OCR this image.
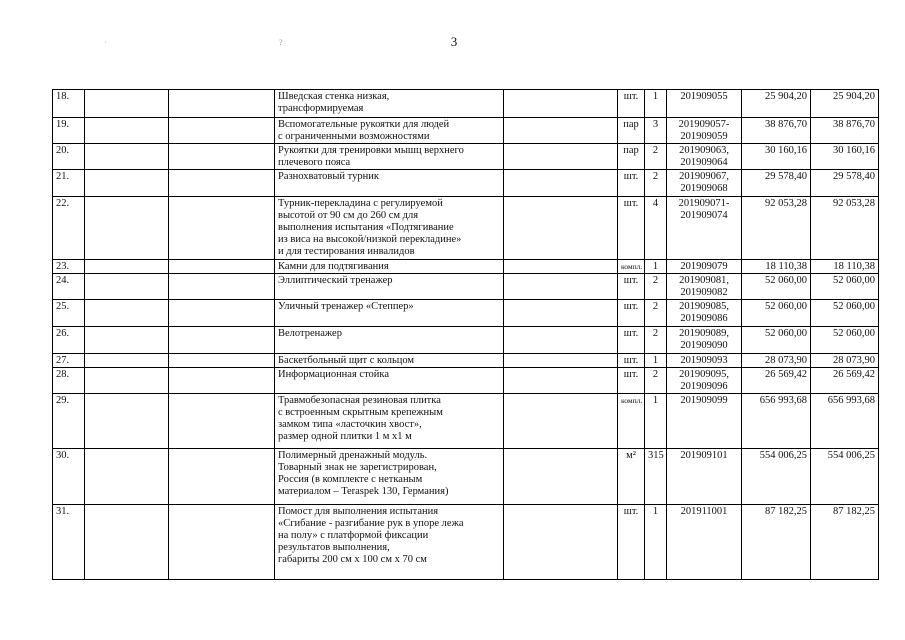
3
·	?
18.			Шведская стенка низкая,
трансформируемая		шт.	1	201909055	25 904,20	25 904,20
19.			Вспомогательные рукоятки для людей
с ограниченными возможностями		пар	3	201909057-
201909059	38 876,70	38 876,70
20.			Рукоятки для тренировки мышц верхнего
плечевого пояса		пар	2	201909063,
201909064	30 160,16	30 160,16
21.			Разнохватовый турник		шт.	2	201909067,
201909068	29 578,40	29 578,40
22.			Турник-перекладина с регулируемой
высотой от 90 см до 260 см для
выполнения испытания «Подтягивание
из виса на высокой/низкой перекладине»
и для тестирования инвалидов		шт.	4	201909071-
201909074	92 053,28	92 053,28
23.			Камни для подтягивания		компл.	1	201909079	18 110,38	18 110,38
24.			Эллиптический тренажер		шт.	2	201909081,
201909082	52 060,00	52 060,00
25.			Уличный тренажер «Степпер»		шт.	2	201909085,
201909086	52 060,00	52 060,00
26.			Велотренажер		шт.	2	201909089,
201909090	52 060,00	52 060,00
27.			Баскетбольный щит с кольцом		шт.	1	201909093	28 073,90	28 073,90
28.			Информационная стойка		шт.	2	201909095,
201909096	26 569,42	26 569,42
29.			Травмобезопасная резиновая плитка
с встроенным скрытным крепежным
замком типа «ласточкин хвост»,
размер одной плитки 1 м х1 м		компл.	1	201909099	656 993,68	656 993,68
30.			Полимерный дренажный модуль.
Товарный знак не зарегистрирован,
Россия (в комплекте с нетканым
материалом – Teraspek 130, Германия)		м²	315	201909101	554 006,25	554 006,25
31.			Помост для выполнения испытания
«Сгибание - разгибание рук в упоре лежа
на полу» с платформой фиксации
результатов выполнения,
габариты 200 см х 100 см х 70 см		шт.	1	201911001	87 182,25	87 182,25
